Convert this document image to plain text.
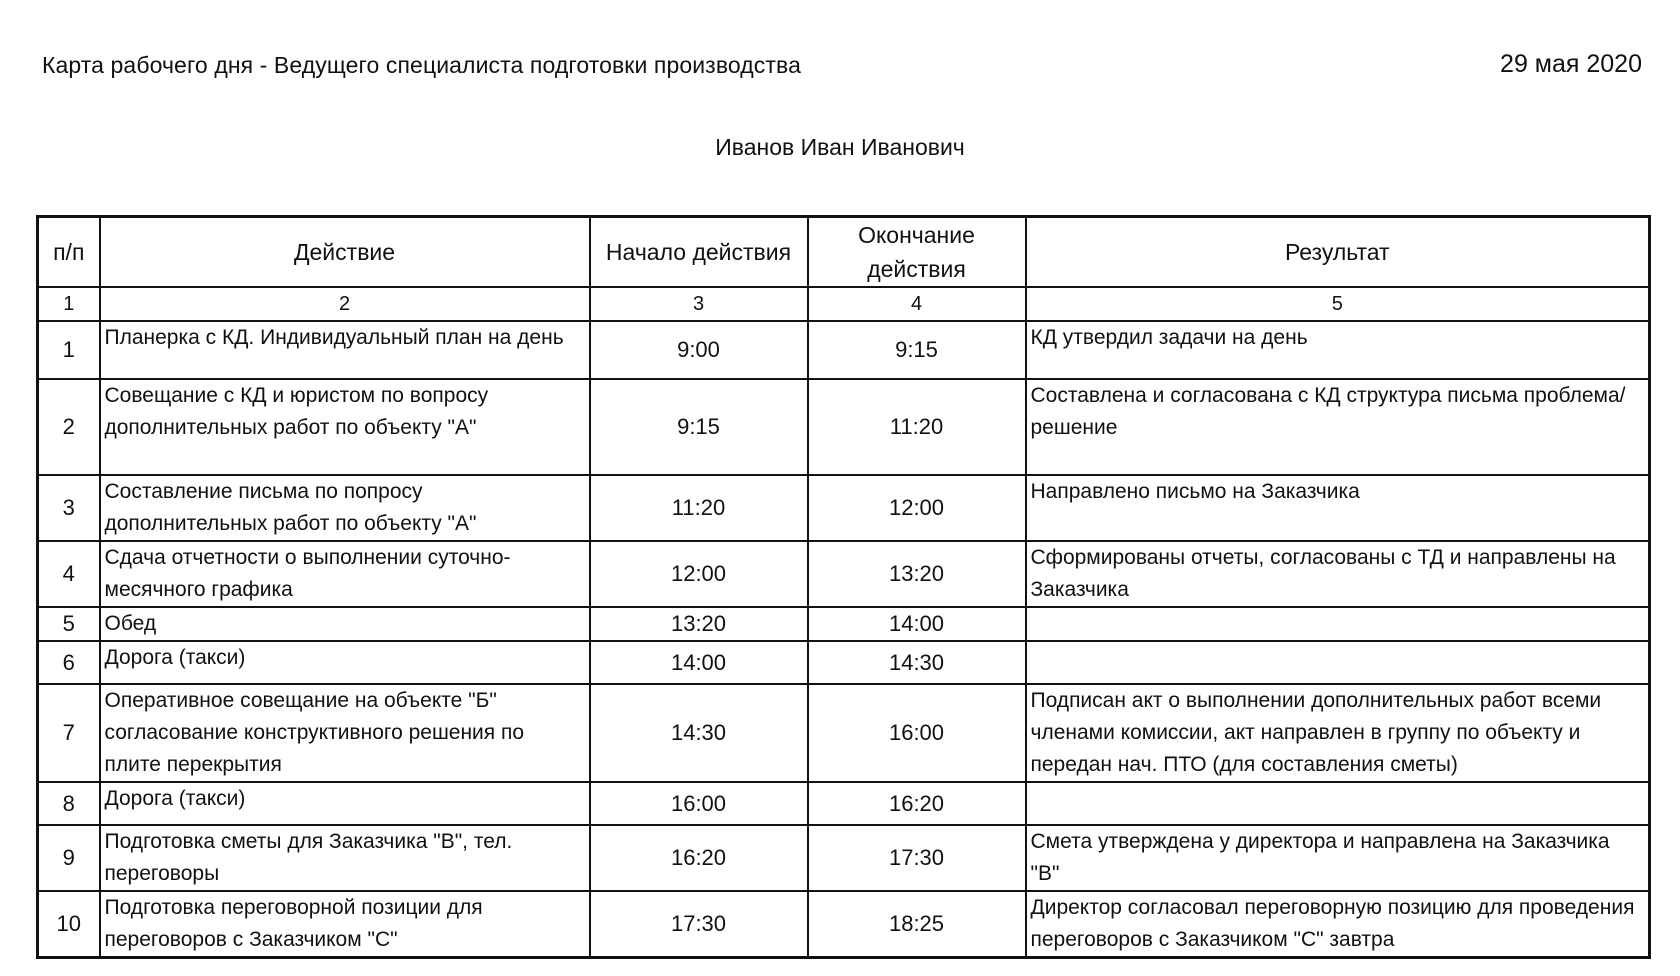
Карта рабочего дня - Ведущего специалиста подготовки производства	29 мая 2020
Иванов Иван Иванович
п/п	Действие	Начало действия	Окончание действия	Результат
1	2	3	4	5
1	Планерка с КД. Индивидуальный план на день	9:00	9:15	КД утвердил задачи на день
2	Совещание с КД и юристом по вопросу дополнительных работ по объекту "А"	9:15	11:20	Составлена и согласована с КД структура письма проблема/решение
3	Составление письма по попросу дополнительных работ по объекту "А"	11:20	12:00	Направлено письмо на Заказчика
4	Сдача отчетности о выполнении суточно-месячного графика	12:00	13:20	Сформированы отчеты, согласованы с ТД и направлены на Заказчика
5	Обед	13:20	14:00	
6	Дорога (такси)	14:00	14:30	
7	Оперативное совещание на объекте "Б" согласование конструктивного решения по плите перекрытия	14:30	16:00	Подписан акт о выполнении дополнительных работ всеми членами комиссии, акт направлен в группу по объекту и передан нач. ПТО (для составления сметы)
8	Дорога (такси)	16:00	16:20	
9	Подготовка сметы для Заказчика "В", тел. переговоры	16:20	17:30	Смета утверждена у директора и направлена на Заказчика "В"
10	Подготовка переговорной позиции для переговоров с Заказчиком "С"	17:30	18:25	Директор согласовал переговорную позицию для проведения переговоров с Заказчиком "С" завтра
